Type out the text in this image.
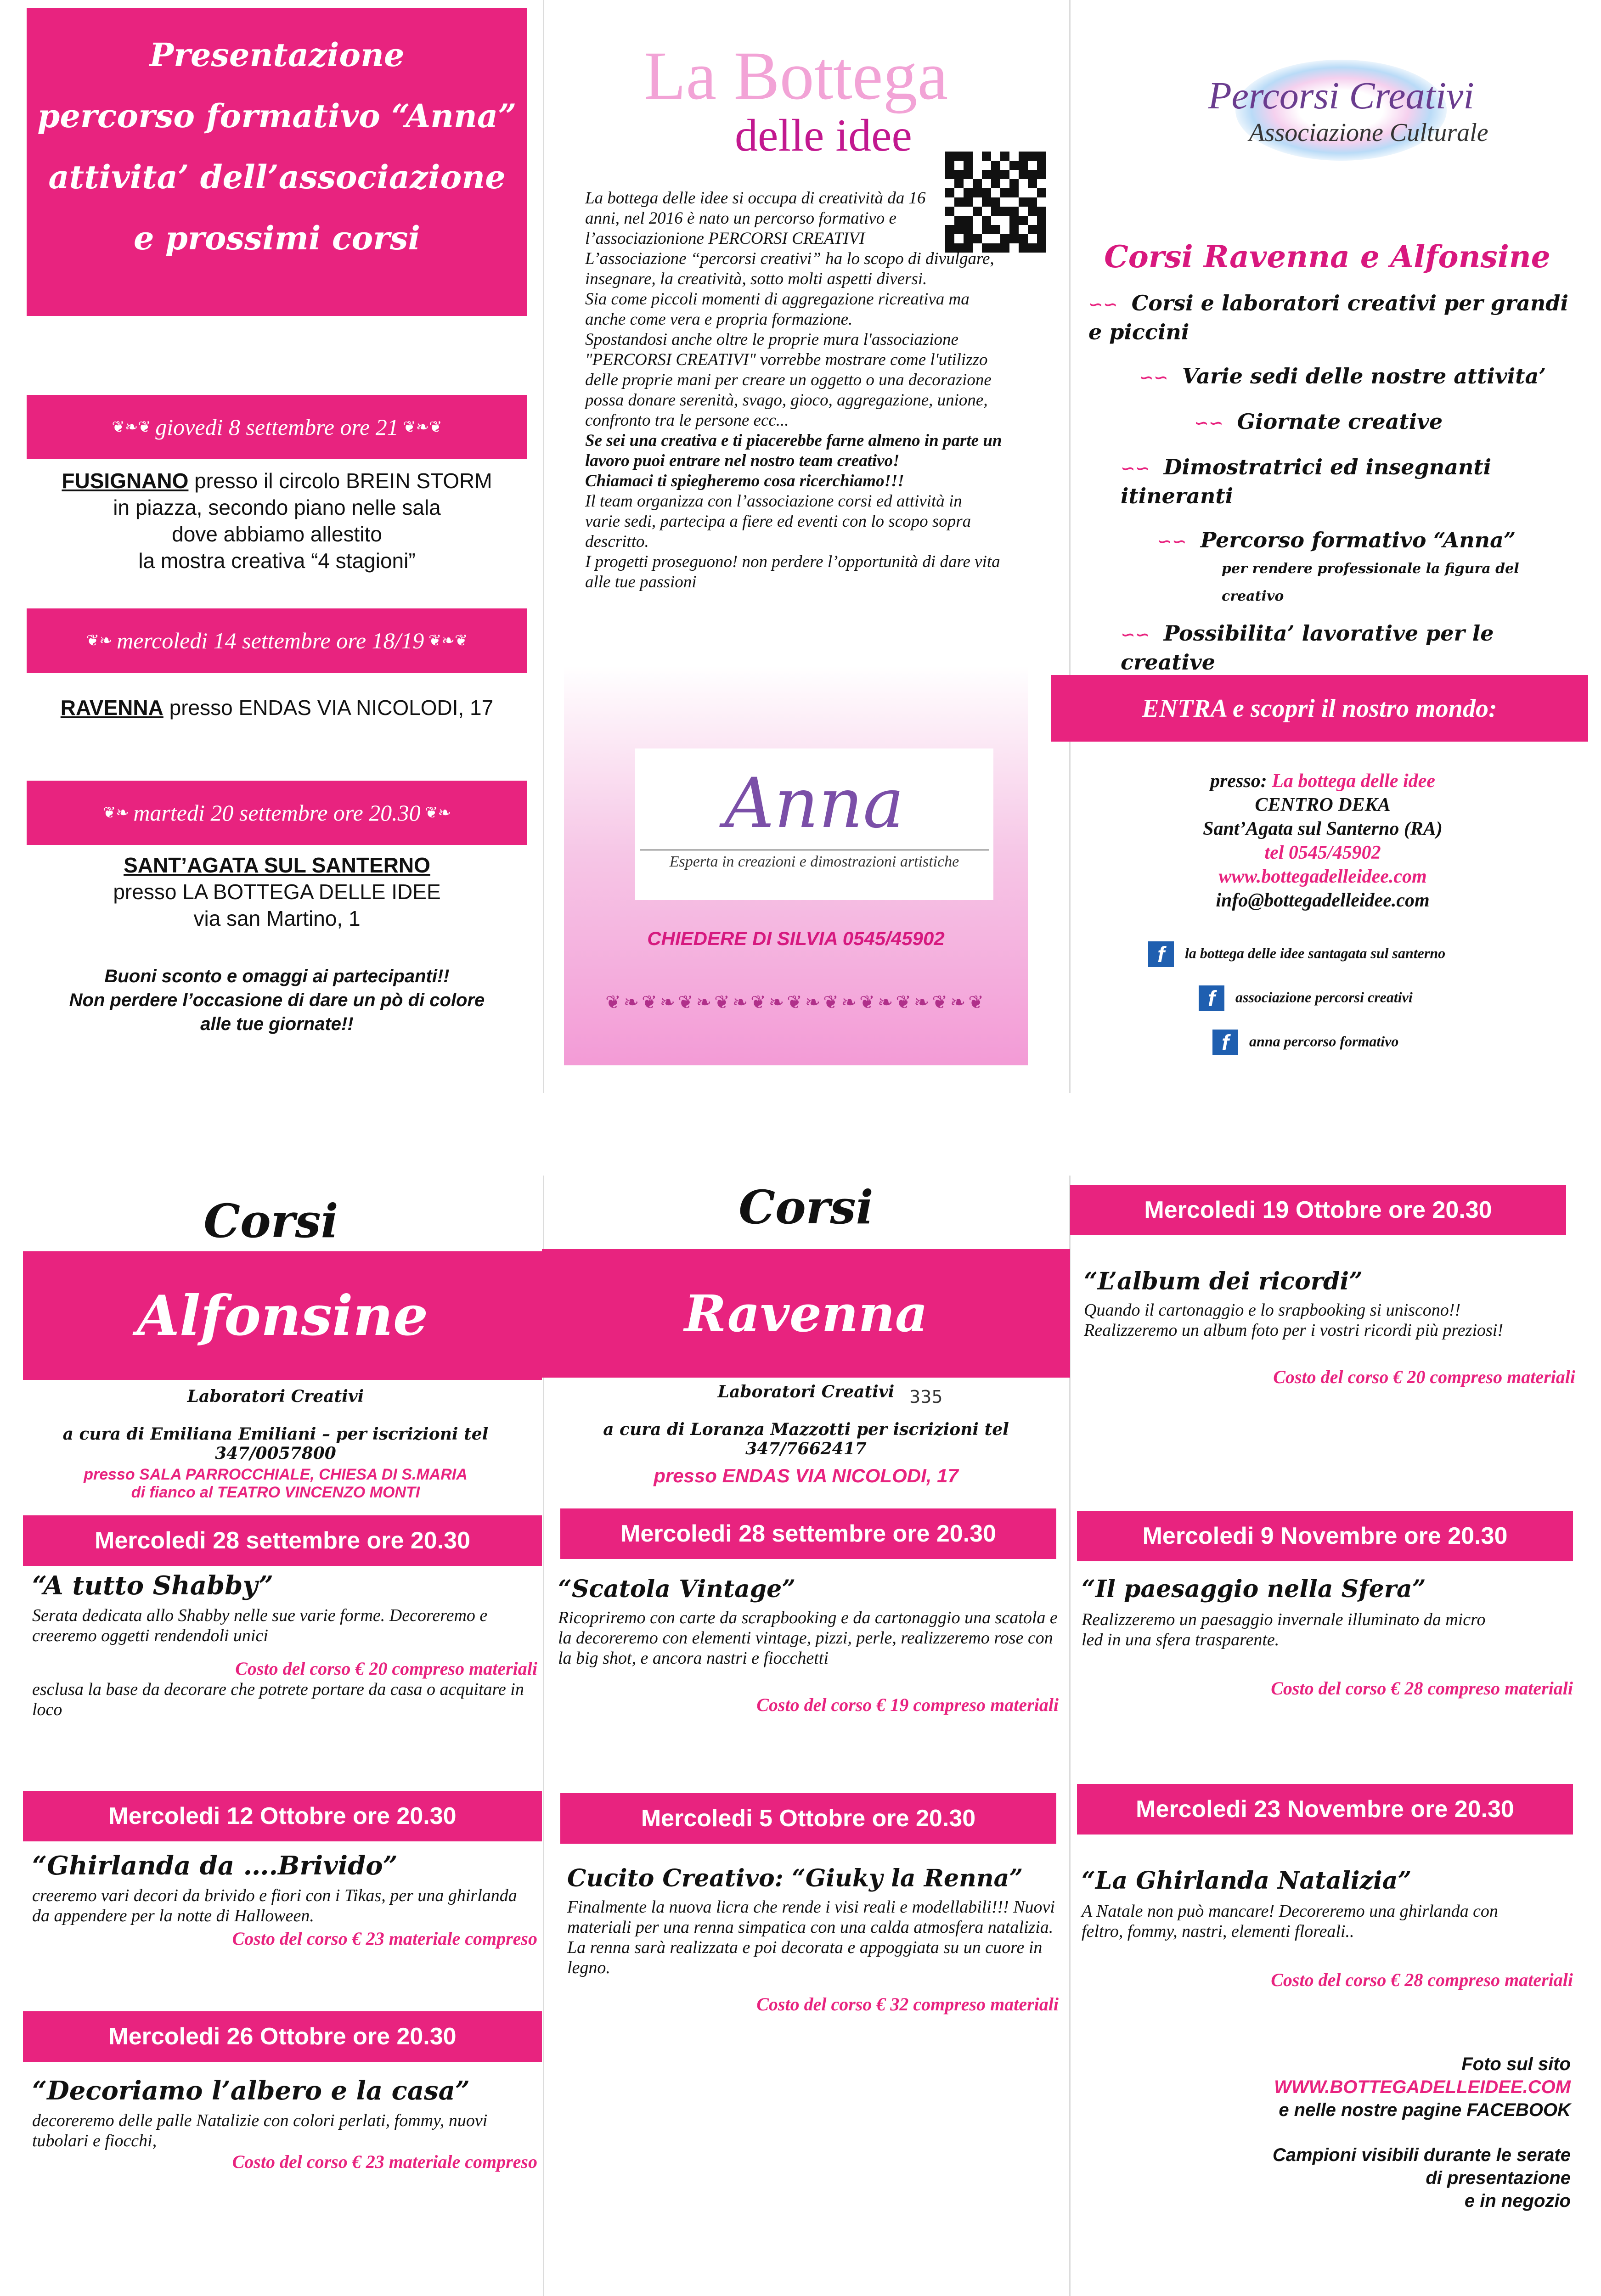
Presentazione
percorso formativo “Anna”
attivita’ dell’associazione
e prossimi corsi
❦❧❦ giovedi 8 settembre ore 21 ❦❧❦
FUSIGNANO presso il circolo BREIN STORM
in piazza, secondo piano nelle sala
dove abbiamo allestito
la mostra creativa “4 stagioni”
❦❧ mercoledi 14 settembre ore 18/19 ❦❧❦
RAVENNA presso ENDAS VIA NICOLODI, 17
❦❧ martedi 20 settembre ore 20.30 ❦❧
SANT’AGATA SUL SANTERNO
presso LA BOTTEGA DELLE IDEE
via san Martino, 1
Buoni sconto e omaggi ai partecipanti!!
Non perdere l’occasione di dare un pò di colore
alle tue giornate!!
La Bottega
delle idee
La bottega delle idee si occupa di creatività da 16 anni, nel 2016 è nato un percorso formativo e l’associazionione PERCORSI CREATIVI
L’associazione “percorsi creativi” ha lo scopo di divulgare, insegnare, la creatività, sotto molti aspetti diversi.
Sia come piccoli momenti di aggregazione ricreativa ma anche come vera e propria formazione.
Spostandosi anche oltre le proprie mura l'associazione "PERCORSI CREATIVI" vorrebbe mostrare come l'utilizzo delle proprie mani per creare un oggetto o una decorazione possa donare serenità, svago, gioco, aggregazione, unione, confronto tra le persone ecc...
Se sei una creativa e ti piacerebbe farne almeno in parte un lavoro puoi entrare nel nostro team creativo!
Chiamaci ti spiegheremo cosa ricerchiamo!!!
Il team organizza con l’associazione corsi ed attività in varie sedi, partecipa a fiere ed eventi con lo scopo sopra descritto.
I progetti proseguono! non perdere l’opportunità di dare vita alle tue passioni
Anna
Esperta in creazioni e dimostrazioni artistiche
CHIEDERE DI SILVIA 0545/45902
❦❧❦❧❦❧❦❧❦❧❦❧❦❧❦❧❦❧❦❧❦
Percorsi Creativi
Associazione Culturale
Corsi Ravenna e Alfonsine
∽∽ Corsi e laboratori creativi per grandi e piccini
∽∽ Varie sedi delle nostre attivita’
∽∽ Giornate creative
∽∽ Dimostratrici ed insegnanti itineranti
∽∽ Percorso formativo “Anna”
per rendere professionale la figura del creativo
∽∽ Possibilita’ lavorative per le creative
ENTRA e scopri il nostro mondo:
presso: La bottega delle idee
CENTRO DEKA
Sant’Agata sul Santerno (RA)
tel 0545/45902
www.bottegadelleidee.com
info@bottegadelleidee.com
f la bottega delle idee santagata sul santerno
f associazione percorsi creativi
f anna percorso formativo
Corsi
Alfonsine
Laboratori Creativi
a cura di Emiliana Emiliani – per iscrizioni tel 347/0057800
presso SALA PARROCCHIALE, CHIESA DI S.MARIA
di fianco al TEATRO VINCENZO MONTI
Mercoledi 28 settembre ore 20.30
“A tutto Shabby”
Serata dedicata allo Shabby nelle sue varie forme. Decoreremo e creeremo oggetti rendendoli unici
Costo del corso € 20 compreso materiali
esclusa la base da decorare che potrete portare da casa o acquitare in loco
Mercoledi 12 Ottobre ore 20.30
“Ghirlanda da ….Brivido”
creeremo vari decori da brivido e fiori con i Tikas, per una ghirlanda da appendere per la notte di Halloween.
Costo del corso € 23 materiale compreso
Mercoledi 26 Ottobre ore 20.30
“Decoriamo l’albero e la casa”
decoreremo delle palle Natalizie con colori perlati, fommy, nuovi tubolari e fiocchi,
Costo del corso € 23 materiale compreso
Corsi
Ravenna
Laboratori Creativi 335
a cura di Loranza Mazzotti per iscrizioni tel 347/7662417
presso ENDAS VIA NICOLODI, 17
Mercoledi 28 settembre ore 20.30
“Scatola Vintage”
Ricopriremo con carte da scrapbooking e da cartonaggio una scatola e la decoreremo con elementi vintage, pizzi, perle, realizzeremo rose con la big shot, e ancora nastri e fiocchetti
Costo del corso € 19 compreso materiali
Mercoledi 5 Ottobre ore 20.30
Cucito Creativo: “Giuky la Renna”
Finalmente la nuova licra che rende i visi reali e modellabili!!! Nuovi materiali per una renna simpatica con una calda atmosfera natalizia. La renna sarà realizzata e poi decorata e appoggiata su un cuore in legno.
Costo del corso € 32 compreso materiali
Mercoledi 19 Ottobre ore 20.30
“L’album dei ricordi”
Quando il cartonaggio e lo srapbooking si uniscono!! Realizzeremo un album foto per i vostri ricordi più preziosi!
Costo del corso € 20 compreso materiali
Mercoledi 9 Novembre ore 20.30
“Il paesaggio nella Sfera”
Realizzeremo un paesaggio invernale illuminato da micro led in una sfera trasparente.
Costo del corso € 28 compreso materiali
Mercoledi 23 Novembre ore 20.30
“La Ghirlanda Natalizia”
A Natale non può mancare! Decoreremo una ghirlanda con feltro, fommy, nastri, elementi floreali..
Costo del corso € 28 compreso materiali
Foto sul sito
WWW.BOTTEGADELLEIDEE.COM
e nelle nostre pagine FACEBOOK
Campioni visibili durante le serate
di presentazione
e in negozio
